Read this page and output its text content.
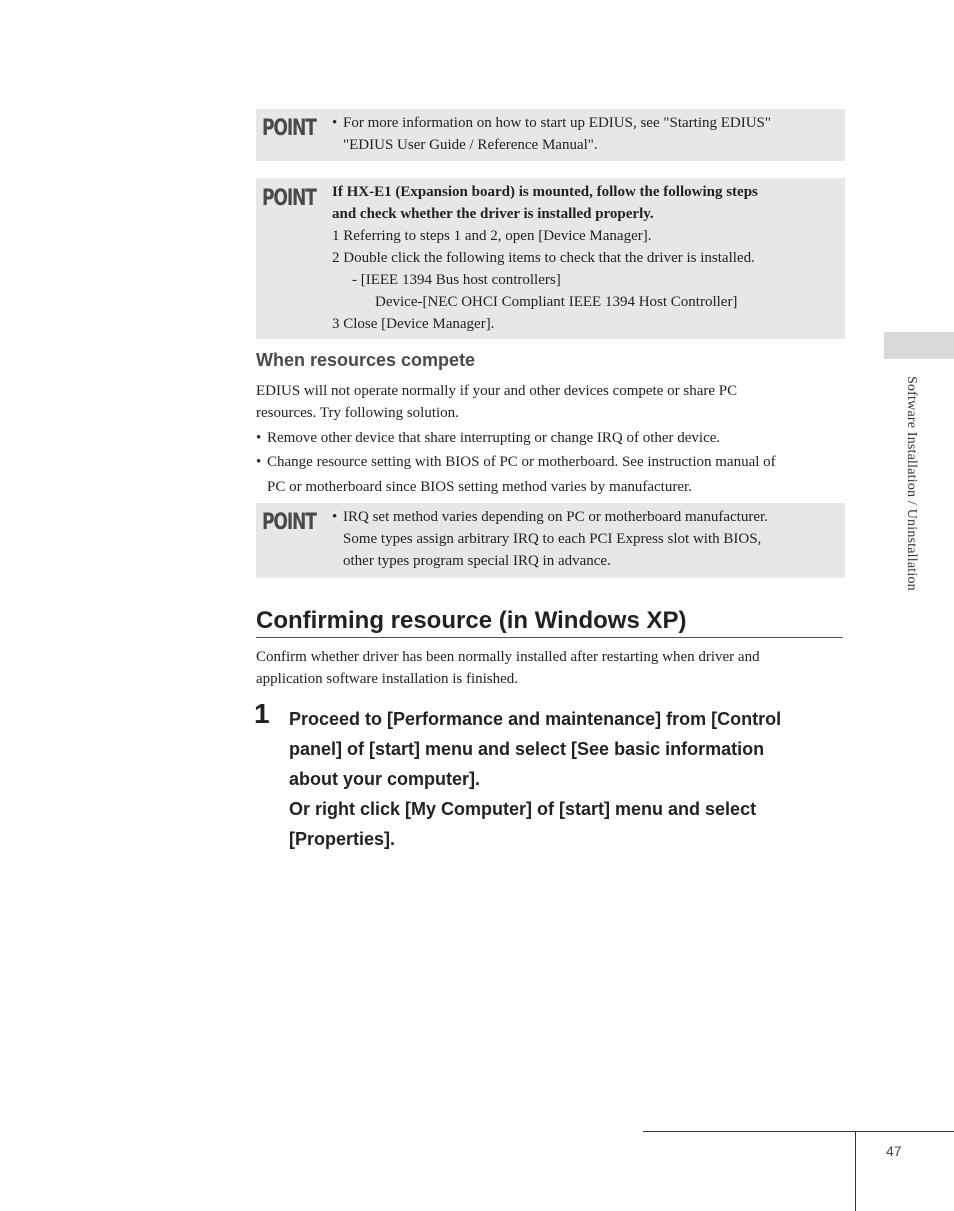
POINT • For more information on how to start up EDIUS, see "Starting EDIUS"
"EDIUS User Guide / Reference Manual".
POINT If HX-E1 (Expansion board) is mounted, follow the following steps
and check whether the driver is installed properly.
1 Referring to steps 1 and 2, open [Device Manager].
2 Double click the following items to check that the driver is installed.
- [IEEE 1394 Bus host controllers]
Device-[NEC OHCI Compliant IEEE 1394 Host Controller]
3 Close [Device Manager].
When resources compete
EDIUS will not operate normally if your and other devices compete or share PC
resources. Try following solution.
• Remove other device that share interrupting or change IRQ of other device.
• Change resource setting with BIOS of PC or motherboard. See instruction manual of
PC or motherboard since BIOS setting method varies by manufacturer.
POINT • IRQ set method varies depending on PC or motherboard manufacturer.
Some types assign arbitrary IRQ to each PCI Express slot with BIOS,
other types program special IRQ in advance.
Confirming resource (in Windows XP)
Confirm whether driver has been normally installed after restarting when driver and
application software installation is finished.
1 Proceed to [Performance and maintenance] from [Control
panel] of [start] menu and select [See basic information
about your computer].
Or right click [My Computer] of [start] menu and select
[Properties].
Software Installation / Uninstallation
47
